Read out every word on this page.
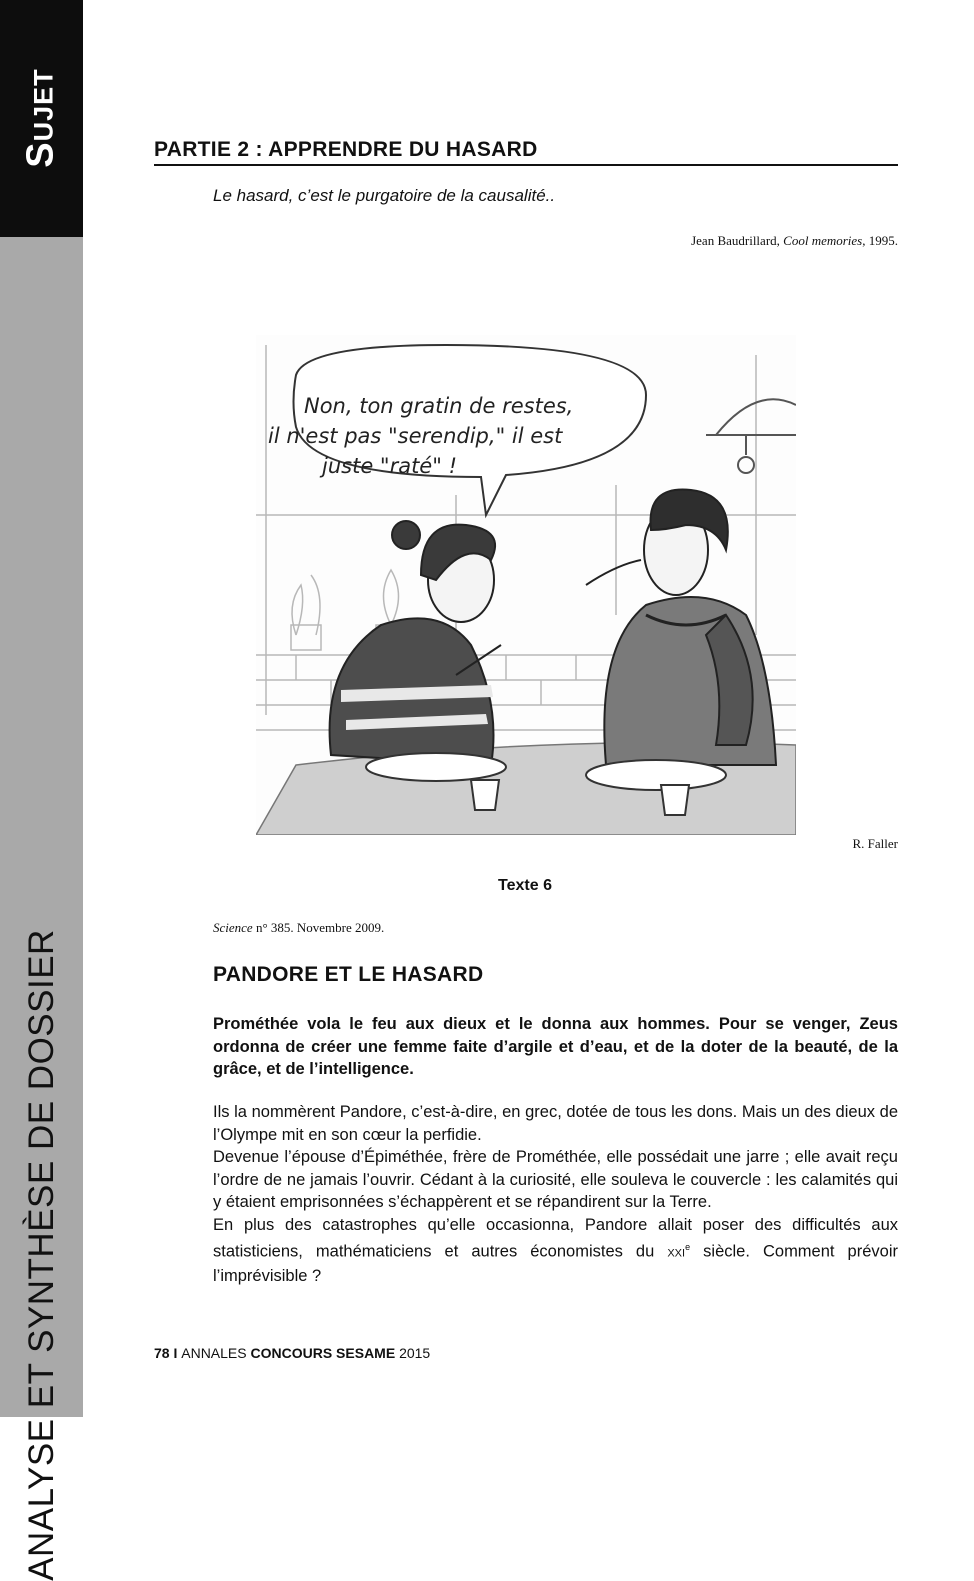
Sujet
ANALYSE ET SYNTHÈSE DE DOSSIER
PARTIE 2 : APPRENDRE DU HASARD
Le hasard, c’est le purgatoire de la causalité..
Jean Baudrillard, Cool memories, 1995.
Non, ton gratin de restes,
il n'est pas "serendip," il est
juste "raté" !
R. Faller
Texte 6
Science n° 385. Novembre 2009.
PANDORE ET LE HASARD
Prométhée vola le feu aux dieux et le donna aux hommes. Pour se venger, Zeus ordonna de créer une femme faite d’argile et d’eau, et de la doter de la beauté, de la grâce, et de l’intelligence.

Ils la nommèrent Pandore, c’est-à-dire, en grec, dotée de tous les dons. Mais un des dieux de l’Olympe mit en son cœur la perfidie.

Devenue l’épouse d’Épiméthée, frère de Prométhée, elle possédait une jarre ; elle avait reçu l’ordre de ne jamais l’ouvrir. Cédant à la curiosité, elle souleva le couvercle : les calamités qui y étaient emprisonnées s’échappèrent et se répandirent sur la Terre.

En plus des catastrophes qu’elle occasionna, Pandore allait poser des difficultés aux statisticiens, mathématiciens et autres économistes du XXIe siècle. Comment prévoir l’imprévisible ?

78 I ANNALES CONCOURS SESAME 2015
